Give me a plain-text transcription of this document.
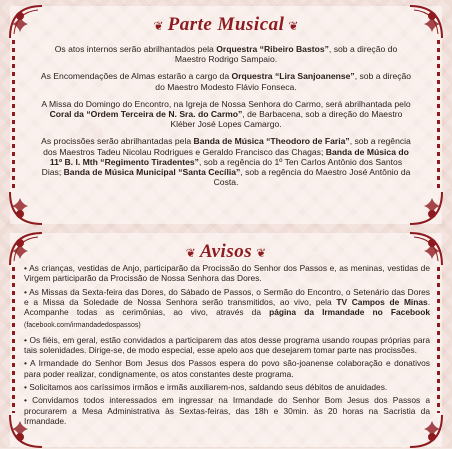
❦ Parte Musical ❦

Os atos internos serão abrilhantados pela Orquestra “Ribeiro Bastos”, sob a direção do Maestro Rodrigo Sampaio.

As Encomendações de Almas estarão a cargo da Orquestra “Lira Sanjoanense”, sob a direção do Maestro Modesto Flávio Fonseca.

A Missa do Domingo do Encontro, na Igreja de Nossa Senhora do Carmo, será abrilhantada pelo Coral da “Ordem Terceira de N. Sra. do Carmo”, de Barbacena, sob a direção do Maestro Kléber José Lopes Camargo.

As procissões serão abrilhantadas pela Banda de Música “Theodoro de Faria”, sob a regência dos Maestros Tadeu Nicolau Rodrigues e Geraldo Francisco das Chagas; Banda de Música do 11º B. I. Mth “Regimento Tiradentes”, sob a regência do 1º Ten Carlos Antônio dos Santos Dias; Banda de Música Municipal “Santa Cecília”, sob a regência do Maestro José Antônio da Costa.

❦ Avisos ❦
• As crianças, vestidas de Anjo, participarão da Procissão do Senhor dos Passos e, as meninas, vestidas de Virgem participarão da Procissão de Nossa Senhora das Dores.
• As Missas da Sexta-feira das Dores, do Sábado de Passos, o Sermão do Encontro, o Setenário das Dores e a Missa da Soledade de Nossa Senhora serão transmitidos, ao vivo, pela TV Campos de Minas. Acompanhe todas as cerimônias, ao vivo, através da página da Irmandade no Facebook (facebook.com/irmandadedospassos)
• Os fiéis, em geral, estão convidados a participarem das atos desse programa usando roupas próprias para tais solenidades. Dirige-se, de modo especial, esse apelo aos que desejarem tomar parte nas procissões.
• A Irmandade do Senhor Bom Jesus dos Passos espera do povo são-joanense colaboração e donativos para poder realizar, condignamente, os atos constantes deste programa.
• Solicitamos aos caríssimos irmãos e irmãs auxiliarem-nos, saldando seus débitos de anuidades.
• Convidamos todos interessados em ingressar na Irmandade do Senhor Bom Jesus dos Passos a procurarem a Mesa Administrativa às Sextas-feiras, das 18h e 30min. às 20 horas na Sacristia da Irmandade.
